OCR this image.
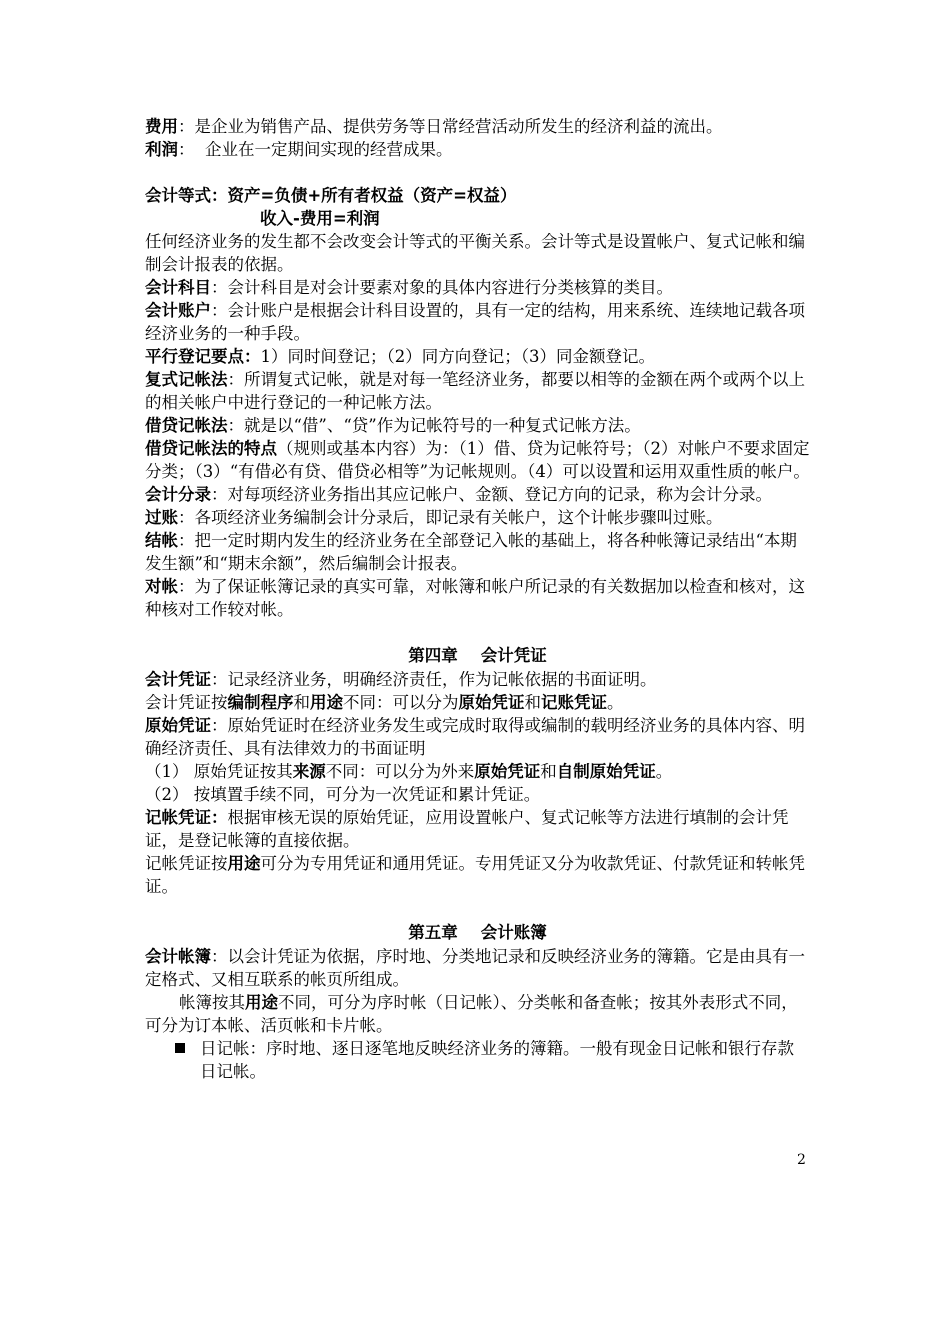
费用：是企业为销售产品、提供劳务等日常经营活动所发生的经济利益的流出。
利润：  企业在一定期间实现的经营成果。
会计等式：资产=负债+所有者权益（资产=权益）
收入-费用=利润
任何经济业务的发生都不会改变会计等式的平衡关系。会计等式是设置帐户、复式记帐和编制会计报表的依据。
会计科目：会计科目是对会计要素对象的具体内容进行分类核算的类目。
会计账户：会计账户是根据会计科目设置的，具有一定的结构，用来系统、连续地记载各项经济业务的一种手段。
平行登记要点：1）同时间登记；（2）同方向登记；（3）同金额登记。
复式记帐法：所谓复式记帐，就是对每一笔经济业务，都要以相等的金额在两个或两个以上的相关帐户中进行登记的一种记帐方法。
借贷记帐法：就是以“借”、“贷”作为记帐符号的一种复式记帐方法。
借贷记帐法的特点（规则或基本内容）为：（1）借、贷为记帐符号；（2）对帐户不要求固定分类；（3）“有借必有贷、借贷必相等”为记帐规则。（4）可以设置和运用双重性质的帐户。
会计分录：对每项经济业务指出其应记帐户、金额、登记方向的记录，称为会计分录。
过账：各项经济业务编制会计分录后，即记录有关帐户，这个计帐步骤叫过账。
结帐：把一定时期内发生的经济业务在全部登记入帐的基础上，将各种帐簿记录结出“本期发生额”和“期末余额”，然后编制会计报表。
对帐：为了保证帐簿记录的真实可靠，对帐簿和帐户所记录的有关数据加以检查和核对，这种核对工作较对帐。
第四章    会计凭证
会计凭证：记录经济业务，明确经济责任，作为记帐依据的书面证明。
会计凭证按编制程序和用途不同：可以分为原始凭证和记账凭证。
原始凭证：原始凭证时在经济业务发生或完成时取得或编制的载明经济业务的具体内容、明确经济责任、具有法律效力的书面证明
（1） 原始凭证按其来源不同：可以分为外来原始凭证和自制原始凭证。
（2） 按填置手续不同，可分为一次凭证和累计凭证。
记帐凭证：根据审核无误的原始凭证，应用设置帐户、复式记帐等方法进行填制的会计凭证，是登记帐簿的直接依据。
记帐凭证按用途可分为专用凭证和通用凭证。专用凭证又分为收款凭证、付款凭证和转帐凭证。
第五章    会计账簿
会计帐簿：以会计凭证为依据，序时地、分类地记录和反映经济业务的簿籍。它是由具有一定格式、又相互联系的帐页所组成。
帐簿按其用途不同，可分为序时帐（日记帐）、分类帐和备查帐；按其外表形式不同，可分为订本帐、活页帐和卡片帐。
日记帐：序时地、逐日逐笔地反映经济业务的簿籍。一般有现金日记帐和银行存款日记帐。
2
